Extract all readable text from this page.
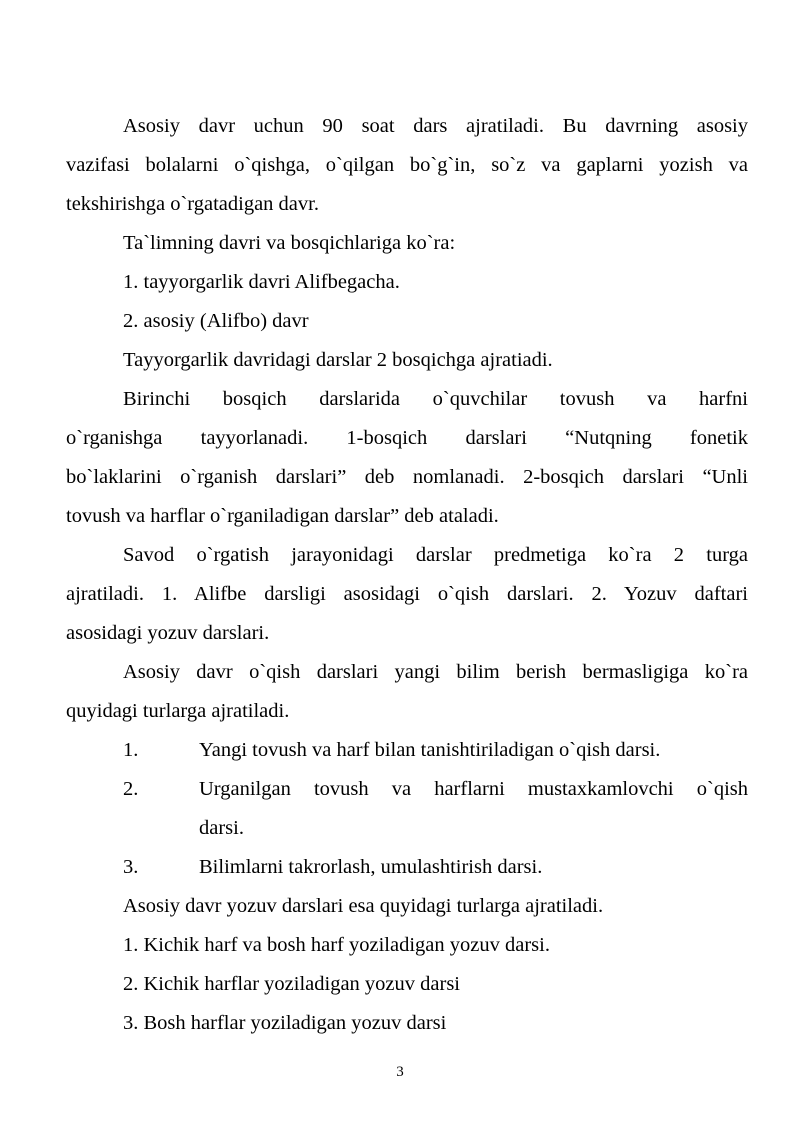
Asosiy davr uchun 90 soat dars ajratiladi. Bu davrning asosiy
vazifasi bolalarni o`qishga, o`qilgan bo`g`in, so`z va gaplarni yozish va
tekshirishga o`rgatadigan davr.
Ta`limning davri va bosqichlariga ko`ra:
1. tayyorgarlik davri Alifbegacha.
2. asosiy (Alifbo) davr
Tayyorgarlik davridagi darslar 2 bosqichga ajratiadi.
Birinchi bosqich darslarida o`quvchilar tovush va harfni
o`rganishga tayyorlanadi. 1-bosqich darslari “Nutqning fonetik
bo`laklarini o`rganish darslari” deb nomlanadi. 2-bosqich darslari “Unli
tovush va harflar o`rganiladigan darslar” deb ataladi.
Savod o`rgatish jarayonidagi darslar predmetiga ko`ra 2 turga
ajratiladi. 1. Alifbe darsligi asosidagi o`qish darslari. 2. Yozuv daftari
asosidagi yozuv darslari.
Asosiy davr o`qish darslari yangi bilim berish bermasligiga ko`ra
quyidagi turlarga ajratiladi.
1.	Yangi tovush va harf bilan tanishtiriladigan o`qish darsi.
2.	Urganilgan tovush va harflarni mustaxkamlovchi o`qish
darsi.
3.	Bilimlarni takrorlash, umulashtirish darsi.
Asosiy davr yozuv darslari esa quyidagi turlarga ajratiladi.
1. Kichik harf va bosh harf yoziladigan yozuv darsi.
2. Kichik harflar yoziladigan yozuv darsi
3. Bosh harflar yoziladigan yozuv darsi
3
